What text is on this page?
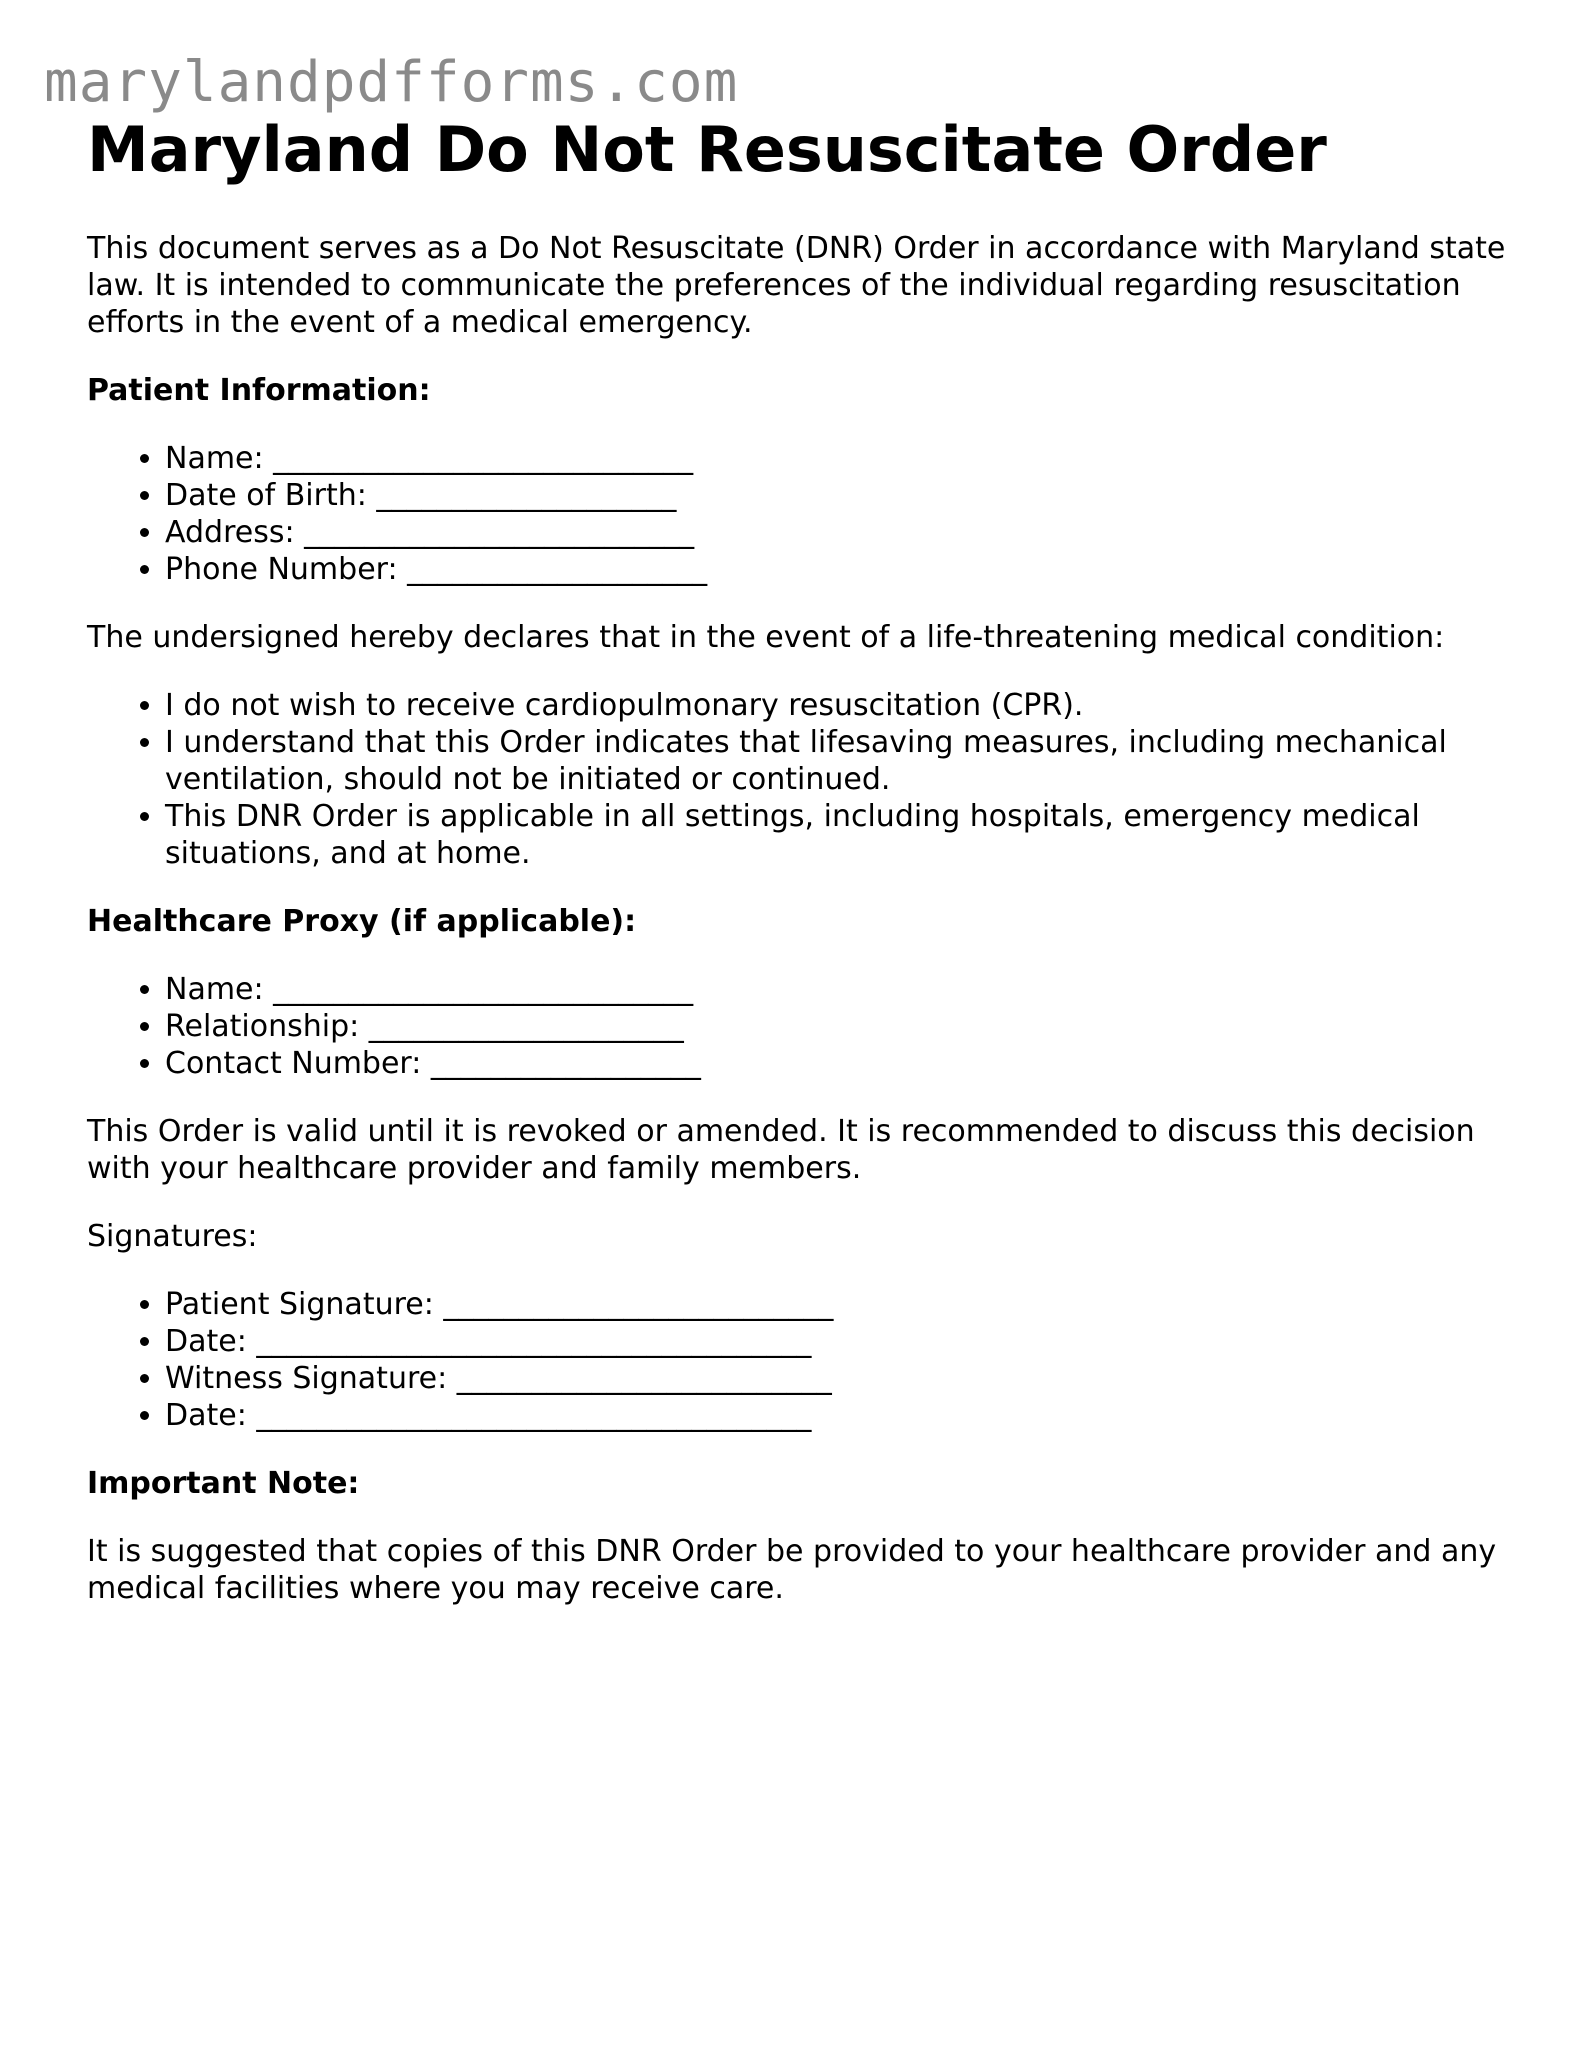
marylandpdfforms.com
Maryland Do Not Resuscitate Order

This document serves as a Do Not Resuscitate (DNR) Order in accordance with Maryland state law. It is intended to communicate the preferences of the individual regarding resuscitation efforts in the event of a medical emergency.

Patient Information:

• Name: ____________________________
• Date of Birth: ____________________
• Address: __________________________
• Phone Number: ____________________

The undersigned hereby declares that in the event of a life-threatening medical condition:

• I do not wish to receive cardiopulmonary resuscitation (CPR).
• I understand that this Order indicates that lifesaving measures, including mechanical ventilation, should not be initiated or continued.
• This DNR Order is applicable in all settings, including hospitals, emergency medical situations, and at home.

Healthcare Proxy (if applicable):

• Name: ____________________________
• Relationship: _____________________
• Contact Number: __________________

This Order is valid until it is revoked or amended. It is recommended to discuss this decision with your healthcare provider and family members.

Signatures:

• Patient Signature: __________________________
• Date: _____________________________________
• Witness Signature: _________________________
• Date: _____________________________________

Important Note:

It is suggested that copies of this DNR Order be provided to your healthcare provider and any medical facilities where you may receive care.
